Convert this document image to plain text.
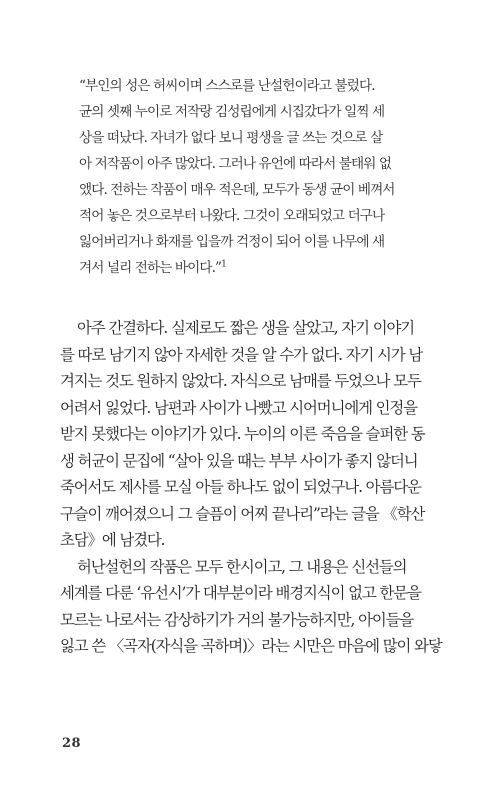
“부인의 성은 허씨이며 스스로를 난설헌이라고 불렀다.
균의 셋째 누이로 저작랑 김성립에게 시집갔다가 일찍 세
상을 떠났다. 자녀가 없다 보니 평생을 글 쓰는 것으로 살
아 저작품이 아주 많았다. 그러나 유언에 따라서 불태워 없
앴다. 전하는 작품이 매우 적은데, 모두가 동생 균이 베껴서
적어 놓은 것으로부터 나왔다. 그것이 오래되었고 더구나
잃어버리거나 화재를 입을까 걱정이 되어 이를 나무에 새
겨서 널리 전하는 바이다.”$^1$
아주 간결하다. 실제로도 짧은 생을 살았고, 자기 이야기
를 따로 남기지 않아 자세한 것을 알 수가 없다. 자기 시가 남
겨지는 것도 원하지 않았다. 자식으로 남매를 두었으나 모두
어려서 잃었다. 남편과 사이가 나빴고 시어머니에게 인정을
받지 못했다는 이야기가 있다. 누이의 이른 죽음을 슬퍼한 동
생 허균이 문집에 “살아 있을 때는 부부 사이가 좋지 않더니
죽어서도 제사를 모실 아들 하나도 없이 되었구나. 아름다운
구슬이 깨어졌으니 그 슬픔이 어찌 끝나리”라는 글을 《학산
초담》에 남겼다.
허난설헌의 작품은 모두 한시이고, 그 내용은 신선들의
세계를 다룬 ‘유선시’가 대부분이라 배경지식이 없고 한문을
모르는 나로서는 감상하기가 거의 불가능하지만, 아이들을
잃고 쓴 〈곡자(자식을 곡하며)〉라는 시만은 마음에 많이 와닿
28
